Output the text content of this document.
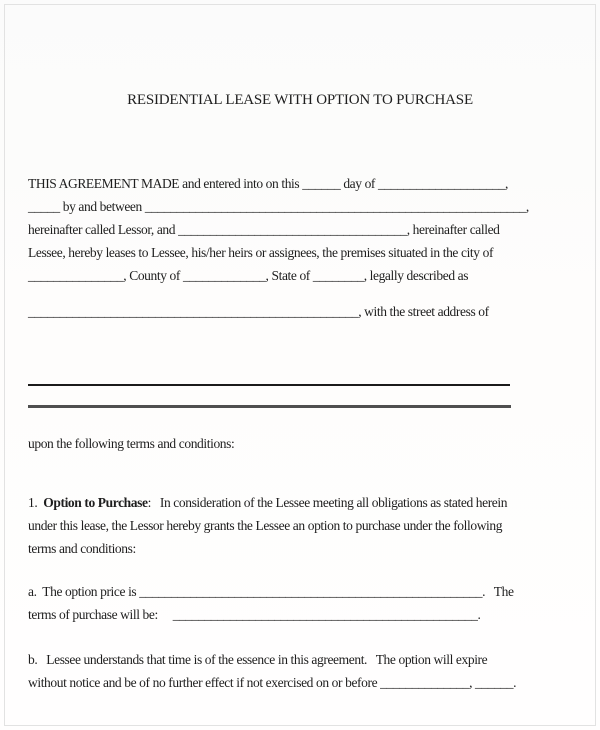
RESIDENTIAL LEASE WITH OPTION TO PURCHASE
THIS AGREEMENT MADE and entered into on this ______ day of ____________________,
_____ by and between ____________________________________________________________,
hereinafter called Lessor, and ____________________________________, hereinafter called
Lessee, hereby leases to Lessee, his/her heirs or assignees, the premises situated in the city of
_______________, County of _____________, State of ________, legally described as
____________________________________________________, with the street address of
upon the following terms and conditions:
1.  Option to Purchase:   In consideration of the Lessee meeting all obligations as stated herein
under this lease, the Lessor hereby grants the Lessee an option to purchase under the following
terms and conditions:
a.  The option price is ______________________________________________________.   The
terms of purchase will be:     ________________________________________________.
b.   Lessee understands that time is of the essence in this agreement.   The option will expire
without notice and be of no further effect if not exercised on or before ______________, ______.
